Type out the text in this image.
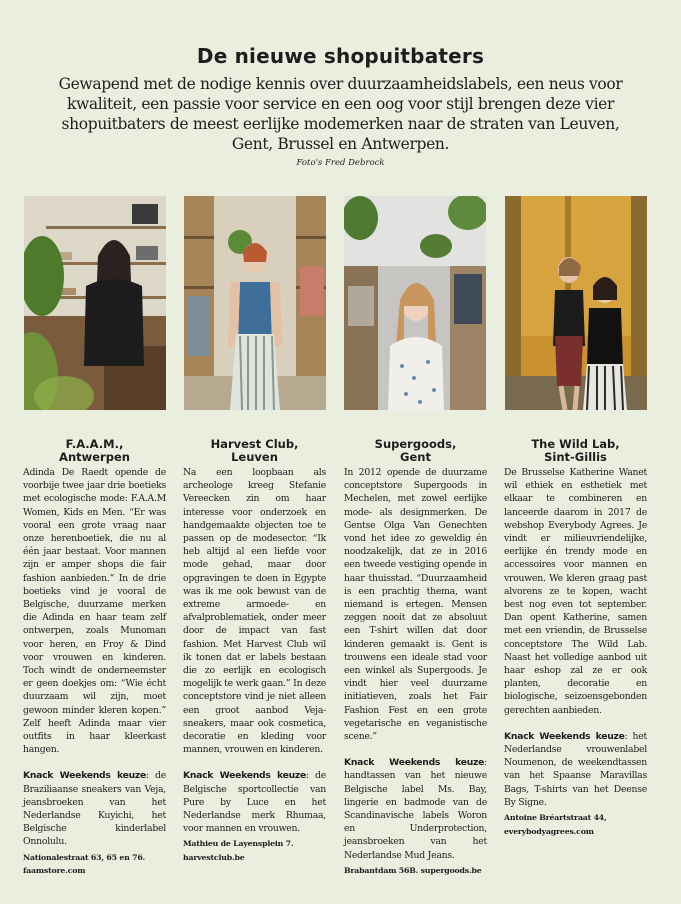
De nieuwe shopuitbaters
Gewapend met de nodige kennis over duurzaamheidslabels, een neus voor kwaliteit, een passie voor service en een oog voor stijl brengen deze vier shopuitbaters de meest eerlijke modemerken naar de straten van Leuven, Gent, Brussel en Antwerpen.
Foto's Fred Debrock
F.A.A.M.,
Antwerpen

Adinda De Raedt opende de voorbije twee jaar drie boetieks met ecologische mode: F.A.A.M Women, Kids en Men. “Er was vooral een grote vraag naar onze herenboetiek, die nu al één jaar bestaat. Voor mannen zijn er amper shops die fair fashion aanbieden.” In de drie boetieks vind je vooral de Belgische, duurzame merken die Adinda en haar team zelf ontwerpen, zoals Munoman voor heren, en Froy & Dind voor vrouwen en kinderen. Toch windt de onderneemster er geen doekjes om: “Wie écht duurzaam wil zijn, moet gewoon minder kleren kopen.” Zelf heeft Adinda maar vier outfits in haar kleerkast hangen.

Knack Weekends keuze: de Braziliaanse sneakers van Veja, jeansbroeken van het Nederlandse Kuyichi, het Belgische kinderlabel Onnolulu.

Nationalestraat 63, 65 en 76.
faamstore.com
Harvest Club,
Leuven

Na een loopbaan als archeologe kreeg Stefanie Vereecken zin om haar interesse voor onderzoek en handgemaakte objecten toe te passen op de modesector. “Ik heb altijd al een liefde voor mode gehad, maar door opgravingen te doen in Egypte was ik me ook bewust van de extreme armoede- en afvalproblematiek, onder meer door de impact van fast fashion. Met Harvest Club wil ik tonen dat er labels bestaan die zo eerlijk en ecologisch mogelijk te werk gaan.” In deze conceptstore vind je niet alleen een groot aanbod Veja-sneakers, maar ook cosmetica, decoratie en kleding voor mannen, vrouwen en kinderen.

Knack Weekends keuze: de Belgische sportcollectie van Pure by Luce en het Nederlandse merk Rhumaa, voor mannen en vrouwen.

Mathieu de Layensplein 7.
harvestclub.be
Supergoods,
Gent

In 2012 opende de duurzame conceptstore Supergoods in Mechelen, met zowel eerlijke mode- als designmerken. De Gentse Olga Van Genechten vond het idee zo geweldig én noodzakelijk, dat ze in 2016 een tweede vestiging opende in haar thuisstad. “Duurzaamheid is een prachtig thema, want niemand is ertegen. Mensen zeggen nooit dat ze absoluut een T-shirt willen dat door kinderen gemaakt is. Gent is trouwens een ideale stad voor een winkel als Supergoods. Je vindt hier veel duurzame initiatieven, zoals het Fair Fashion Fest en een grote vegetarische en veganistische scene.”

Knack Weekends keuze: handtassen van het nieuwe Belgische label Ms. Bay, lingerie en badmode van de Scandinavische labels Woron en Underprotection, jeansbroeken van het Nederlandse Mud Jeans.

Brabantdam 56B. supergoods.be
The Wild Lab,
Sint-Gillis

De Brusselse Katherine Wanet wil ethiek en esthetiek met elkaar te combineren en lanceerde daarom in 2017 de webshop Everybody Agrees. Je vindt er milieuvriendelijke, eerlijke én trendy mode en accessoires voor mannen en vrouwen. We kleren graag past alvorens ze te kopen, wacht best nog even tot september. Dan opent Katherine, samen met een vriendin, de Brusselse conceptstore The Wild Lab. Naast het volledige aanbod uit haar eshop zal ze er ook planten, decoratie en biologische, seizoensgebonden gerechten aanbieden.

Knack Weekends keuze: het Nederlandse vrouwenlabel Noumenon, de weekendtassen van het Spaanse Maravillas Bags, T-shirts van het Deense By Signe.

Antoine Bréartstraat 44,
everybodyagrees.com
